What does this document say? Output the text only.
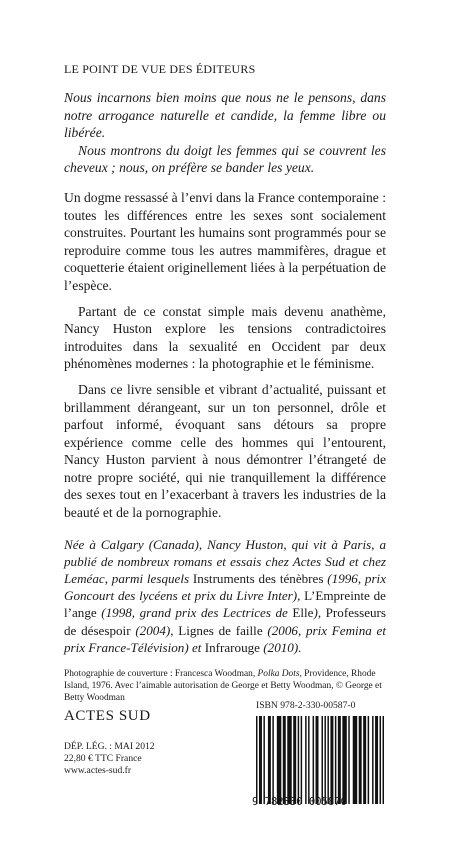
LE POINT DE VUE DES ÉDITEURS

Nous incarnons bien moins que nous ne le pensons, dans notre arrogance naturelle et candide, la femme libre ou libérée.

Nous montrons du doigt les femmes qui se couvrent les cheveux ; nous, on préfère se bander les yeux.

Un dogme ressassé à l’envi dans la France contemporaine : toutes les différences entre les sexes sont socialement construites. Pourtant les humains sont programmés pour se reproduire comme tous les autres mammifères, drague et coquetterie étaient originellement liées à la perpétuation de l’espèce.

Partant de ce constat simple mais devenu anathème, Nancy Huston explore les tensions contradictoires introduites dans la sexualité en Occident par deux phénomènes modernes : la photographie et le féminisme.

Dans ce livre sensible et vibrant d’actualité, puissant et brillamment dérangeant, sur un ton personnel, drôle et parfout informé, évoquant sans détours sa propre expérience comme celle des hommes qui l’entourent, Nancy Huston parvient à nous démontrer l’étrangeté de notre propre société, qui nie tranquillement la différence des sexes tout en l’exacerbant à travers les industries de la beauté et de la pornographie.

Née à Calgary (Canada), Nancy Huston, qui vit à Paris, a publié de nombreux romans et essais chez Actes Sud et chez Leméac, parmi lesquels Instruments des ténèbres (1996, prix Goncourt des lycéens et prix du Livre Inter), L’Empreinte de l’ange (1998, grand prix des Lectrices de Elle), Professeurs de désespoir (2004), Lignes de faille (2006, prix Femina et prix France-Télévision) et Infrarouge (2010).

Photographie de couverture : Francesca Woodman, Polka Dots, Providence, Rhode Island, 1976. Avec l’aimable autorisation de George et Betty Woodman, © George et Betty Woodman

ACTES SUD
DÉP. LÉG. : MAI 2012
22,80 € TTC France
www.actes-sud.fr
ISBN 978-2-330-00587-0
9 782330 005870
